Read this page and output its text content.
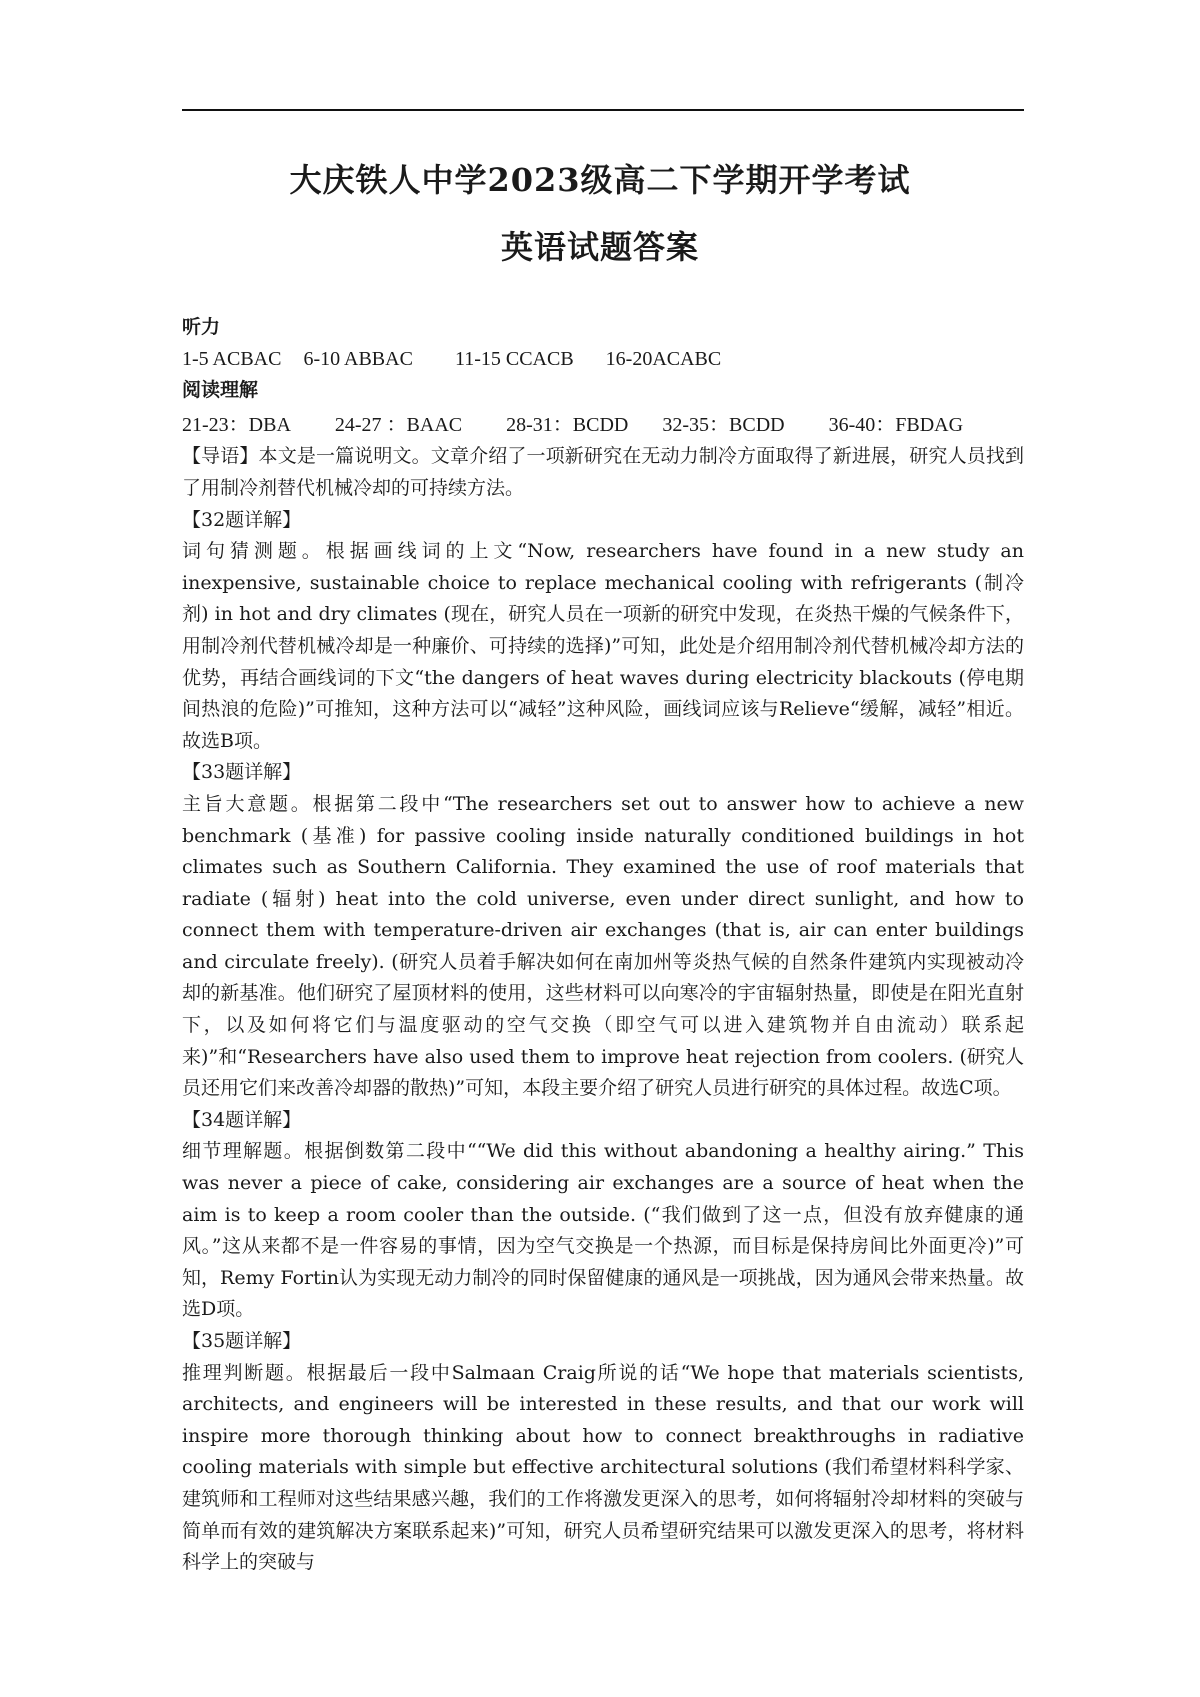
大庆铁人中学2023级高二下学期开学考试
英语试题答案

听力

1-5 ACBAC 6-10 ABBAC 11-15 CCACB 16-20ACABC

阅读理解

21-23：DBA 24-27 ：BAAC 28-31：BCDD 32-35：BCDD 36-40：FBDAG

【导语】本文是一篇说明文。文章介绍了一项新研究在无动力制冷方面取得了新进展，研究人员找到了用制冷剂替代机械冷却的可持续方法。

【32题详解】

词句猜测题。根据画线词的上文“Now, researchers have found in a new study an inexpensive, sustainable choice to replace mechanical cooling with refrigerants (制冷剂) in hot and dry climates (现在，研究人员在一项新的研究中发现，在炎热干燥的气候条件下，用制冷剂代替机械冷却是一种廉价、可持续的选择)”可知，此处是介绍用制冷剂代替机械冷却方法的优势，再结合画线词的下文“the dangers of heat waves during electricity blackouts (停电期间热浪的危险)”可推知，这种方法可以“减轻”这种风险，画线词应该与Relieve“缓解，减轻”相近。故选B项。

【33题详解】

主旨大意题。根据第二段中“The researchers set out to answer how to achieve a new benchmark (基准) for passive cooling inside naturally conditioned buildings in hot climates such as Southern California. They examined the use of roof materials that radiate (辐射) heat into the cold universe, even under direct sunlight, and how to connect them with temperature-driven air exchanges (that is, air can enter buildings and circulate freely). (研究人员着手解决如何在南加州等炎热气候的自然条件建筑内实现被动冷却的新基准。他们研究了屋顶材料的使用，这些材料可以向寒冷的宇宙辐射热量，即使是在阳光直射下，以及如何将它们与温度驱动的空气交换（即空气可以进入建筑物并自由流动）联系起来)”和“Researchers have also used them to improve heat rejection from coolers. (研究人员还用它们来改善冷却器的散热)”可知，本段主要介绍了研究人员进行研究的具体过程。故选C项。

【34题详解】

细节理解题。根据倒数第二段中““We did this without abandoning a healthy airing.” This was never a piece of cake, considering air exchanges are a source of heat when the aim is to keep a room cooler than the outside. (“我们做到了这一点，但没有放弃健康的通风。”这从来都不是一件容易的事情，因为空气交换是一个热源，而目标是保持房间比外面更冷)”可知，Remy Fortin认为实现无动力制冷的同时保留健康的通风是一项挑战，因为通风会带来热量。故选D项。

【35题详解】

推理判断题。根据最后一段中Salmaan Craig所说的话“We hope that materials scientists, architects, and engineers will be interested in these results, and that our work will inspire more thorough thinking about how to connect breakthroughs in radiative cooling materials with simple but effective architectural solutions (我们希望材料科学家、建筑师和工程师对这些结果感兴趣，我们的工作将激发更深入的思考，如何将辐射冷却材料的突破与简单而有效的建筑解决方案联系起来)”可知，研究人员希望研究结果可以激发更深入的思考，将材料科学上的突破与
